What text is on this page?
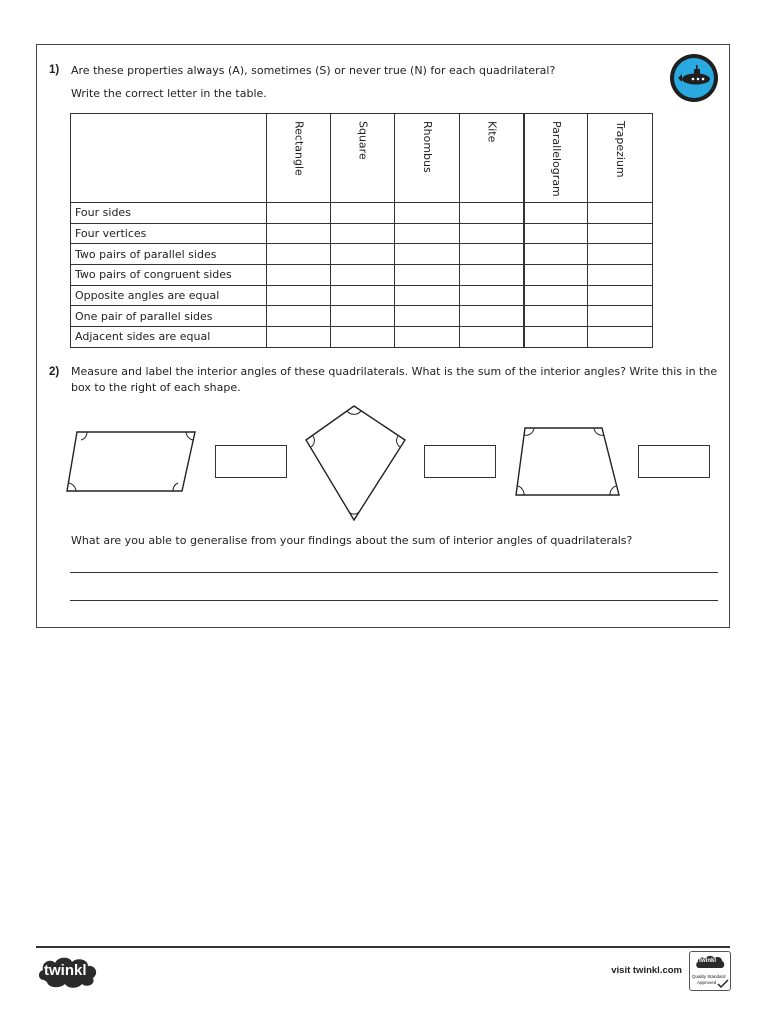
1) Are these properties always (A), sometimes (S) or never true (N) for each quadrilateral?
Write the correct letter in the table.

	Rectangle	Square	Rhombus	Kite	Parallelogram	Trapezium

Four sides						
Four vertices						
Two pairs of parallel sides						
Two pairs of congruent sides						
Opposite angles are equal						
One pair of parallel sides						
Adjacent sides are equal						
2) Measure and label the interior angles of these quadrilaterals. What is the sum of the interior angles? Write this in the box to the right of each shape.
What are you able to generalise from your findings about the sum of interior angles of quadrilaterals?
twinkl	visit twinkl.com
twinkl
Quality Standard
Approved
